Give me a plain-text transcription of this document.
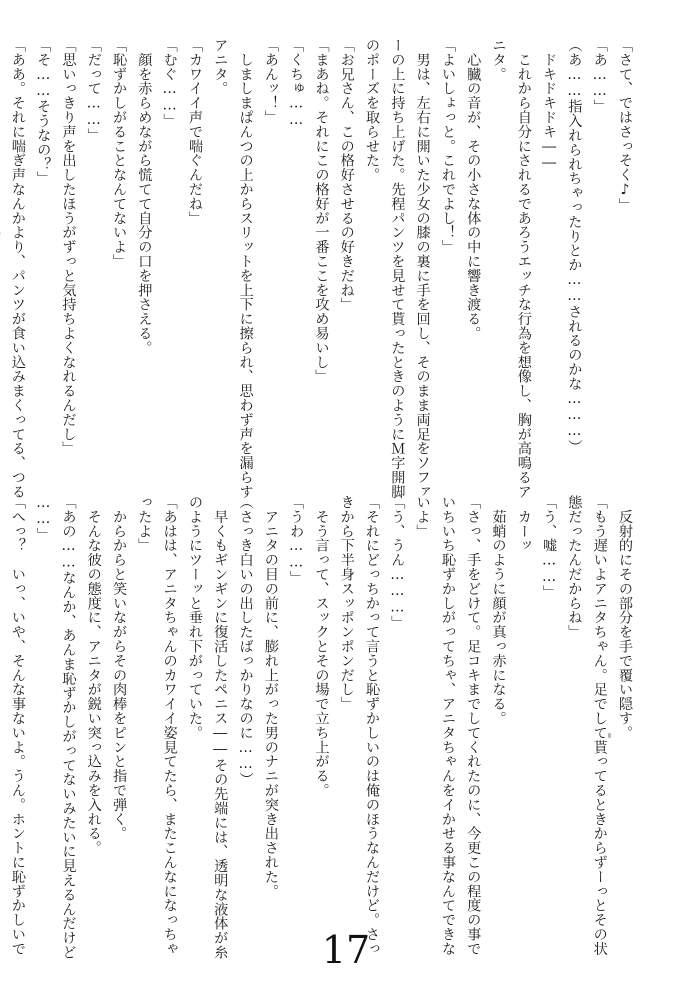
「さて、ではさっそく♪」
「あ……」
（あ……指入れられちゃったりとか……されるのかな………）
　ドキドキドキ――
　これから自分にされるであろうエッチな行為を想像し、胸が高鳴るア
ニタ。
　心臓の音が、その小さな体の中に響き渡る。
「よいしょっと。これでよし！」
　男は、左右に開いた少女の膝の裏に手を回し、そのまま両足をソファ
ーの上に持ち上げた。先程パンツを見せて貰ったときのようにＭ字開脚
のポーズを取らせた。
「お兄さん、この格好させるの好きだね」
「まあね。それにこの格好が一番ここを攻め易いし」
「くちゅ……
「あんッ！」
　しましまぱんつの上からスリットを上下に擦られ、思わず声を漏らす
アニタ。
「カワイイ声で喘ぐんだね」
「むぐ……」
　顔を赤らめながら慌てて自分の口を押さえる。
「恥ずかしがることなんてないよ」
「だって……」
「思いっきり声を出したほうがずっと気持ちよくなれるんだし」
「そ……そうなの？」
「ああ。それに喘ぎ声なんかより、パンツが食い込みまくってる、つる
　反射的にその部分を手で覆い隠す。
「もう遅いよアニタちゃん。足でして貰ってるときからずーっとその状
態だったんだからね」
「う、嘘……」
　カーッ
　茹蛸のように顔が真っ赤になる。
「さっ、手をどけて。足コキまでしてくれたのに、今更この程度の事で
いちいち恥ずかしがってちゃ、アニタちゃんをイかせる事なんてできな
いよ」
「う、うん………」
「それにどっちかって言うと恥ずかしいのは俺のほうなんだけど。さっ
きから下半身スッポンポンだし」
　そう言って、スックとその場で立ち上がる。
「うわ……」
　アニタの目の前に、膨れ上がった男のナニが突き出された。
（さっき白いの出したばっかりなのに……）
　早くもギンギンに復活したペニス――その先端には、透明な液体が糸
のようにツーッと垂れ下がっていた。
「あはは、アニタちゃんのカワイイ姿見てたら、またこんなになっちゃ
ったよ」
　からからと笑いながらその肉棒をピンと指で弾く。
　そんな彼の態度に、アニタが鋭い突っ込みを入れる。
「あの……なんか、あんま恥ずかしがってないみたいに見えるんだけど
……」
「へっ？　いっ、いや、そんな事ないよ。うん。ホントに恥ずかしいで	17
